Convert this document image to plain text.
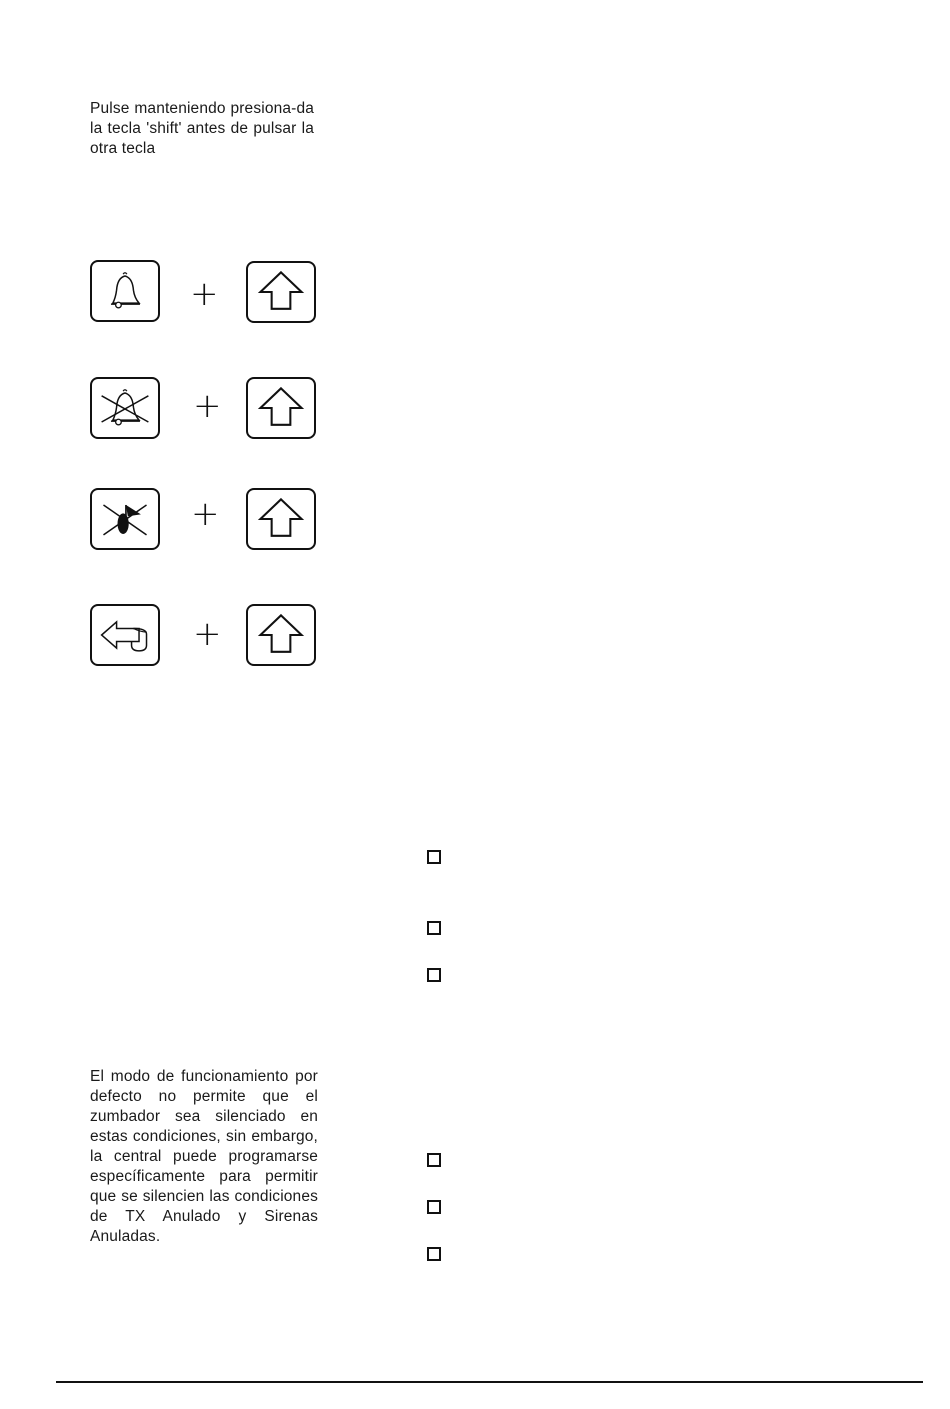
Pulse manteniendo presiona-da la tecla 'shift' antes de pulsar la otra tecla
+
+
+
+
El modo de funcionamiento por defecto no permite que el zumbador sea silenciado en estas condiciones, sin embargo, la central puede programarse específicamente para permitir que se silencien las condiciones de TX Anulado y Sirenas Anuladas.
